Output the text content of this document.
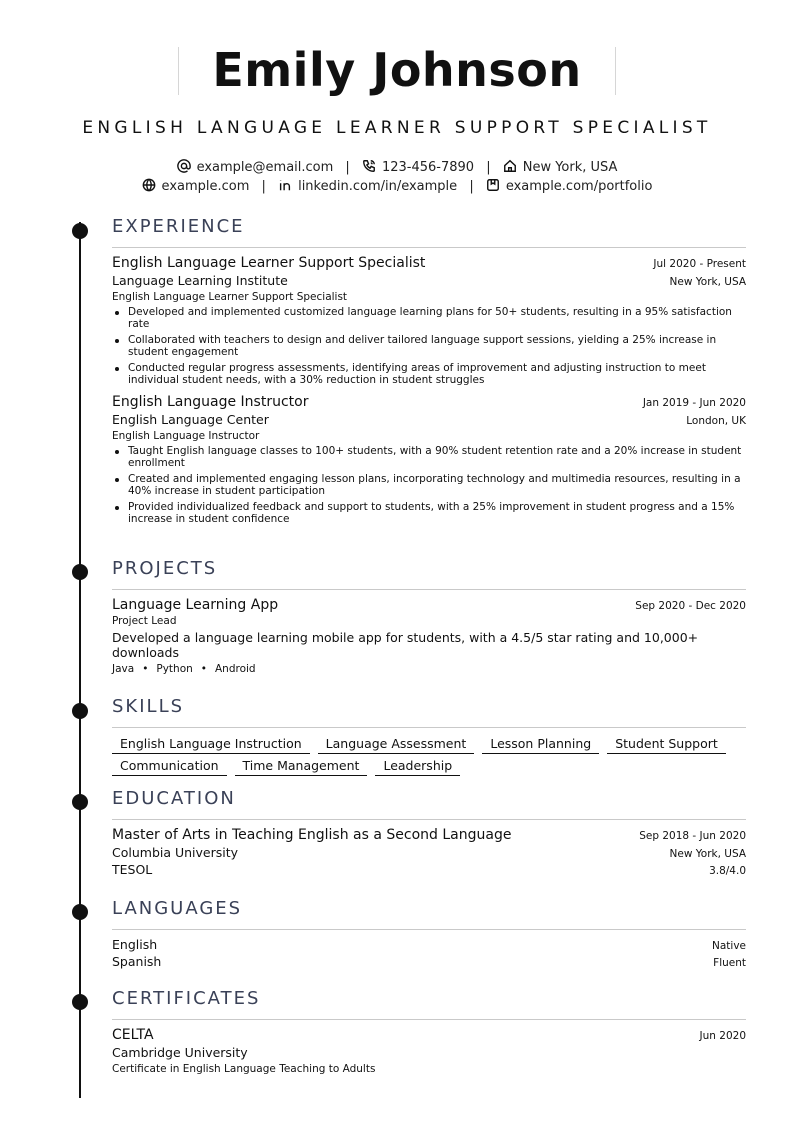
Emily Johnson
ENGLISH LANGUAGE LEARNER SUPPORT SPECIALIST
example@email.com | 123-456-7890 | New York, USA
example.com | linkedin.com/in/example | example.com/portfolio
EXPERIENCE
English Language Learner Support Specialist	Jul 2020 - Present
Language Learning Institute	New York, USA
English Language Learner Support Specialist
Developed and implemented customized language learning plans for 50+ students, resulting in a 95% satisfaction rate
Collaborated with teachers to design and deliver tailored language support sessions, yielding a 25% increase in student engagement
Conducted regular progress assessments, identifying areas of improvement and adjusting instruction to meet individual student needs, with a 30% reduction in student struggles
English Language Instructor	Jan 2019 - Jun 2020
English Language Center	London, UK
English Language Instructor
Taught English language classes to 100+ students, with a 90% student retention rate and a 20% increase in student enrollment
Created and implemented engaging lesson plans, incorporating technology and multimedia resources, resulting in a 40% increase in student participation
Provided individualized feedback and support to students, with a 25% improvement in student progress and a 15% increase in student confidence
PROJECTS
Language Learning App	Sep 2020 - Dec 2020
Project Lead
Developed a language learning mobile app for students, with a 4.5/5 star rating and 10,000+ downloads
Java • Python • Android
SKILLS
English Language Instruction	Language Assessment	Lesson Planning	Student Support
Communication	Time Management	Leadership
EDUCATION
Master of Arts in Teaching English as a Second Language	Sep 2018 - Jun 2020
Columbia University	New York, USA
TESOL	3.8/4.0
LANGUAGES
English	Native
Spanish	Fluent
CERTIFICATES
CELTA	Jun 2020
Cambridge University
Certificate in English Language Teaching to Adults
